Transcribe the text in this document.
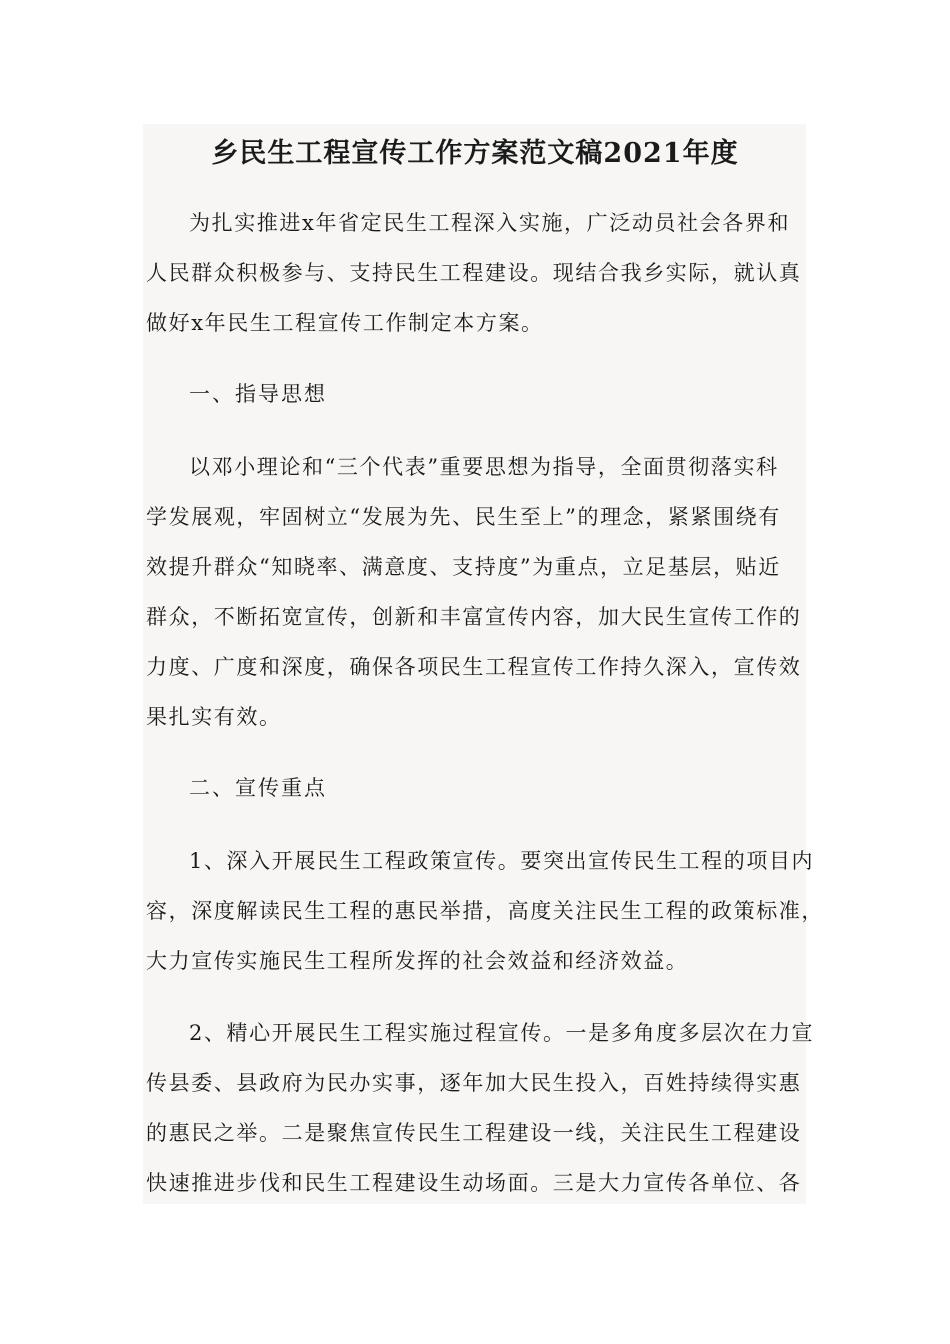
乡民生工程宣传工作方案范文稿2021年度
为扎实推进x年省定民生工程深入实施，广泛动员社会各界和
人民群众积极参与、支持民生工程建设。现结合我乡实际，就认真
做好x年民生工程宣传工作制定本方案。
一、指导思想
以邓小理论和“三个代表”重要思想为指导，全面贯彻落实科
学发展观，牢固树立“发展为先、民生至上”的理念，紧紧围绕有
效提升群众“知晓率、满意度、支持度”为重点，立足基层，贴近
群众，不断拓宽宣传，创新和丰富宣传内容，加大民生宣传工作的
力度、广度和深度，确保各项民生工程宣传工作持久深入，宣传效
果扎实有效。
二、宣传重点
1、深入开展民生工程政策宣传。要突出宣传民生工程的项目内
容，深度解读民生工程的惠民举措，高度关注民生工程的政策标准，
大力宣传实施民生工程所发挥的社会效益和经济效益。
2、精心开展民生工程实施过程宣传。一是多角度多层次在力宣
传县委、县政府为民办实事，逐年加大民生投入，百姓持续得实惠
的惠民之举。二是聚焦宣传民生工程建设一线，关注民生工程建设
快速推进步伐和民生工程建设生动场面。三是大力宣传各单位、各
